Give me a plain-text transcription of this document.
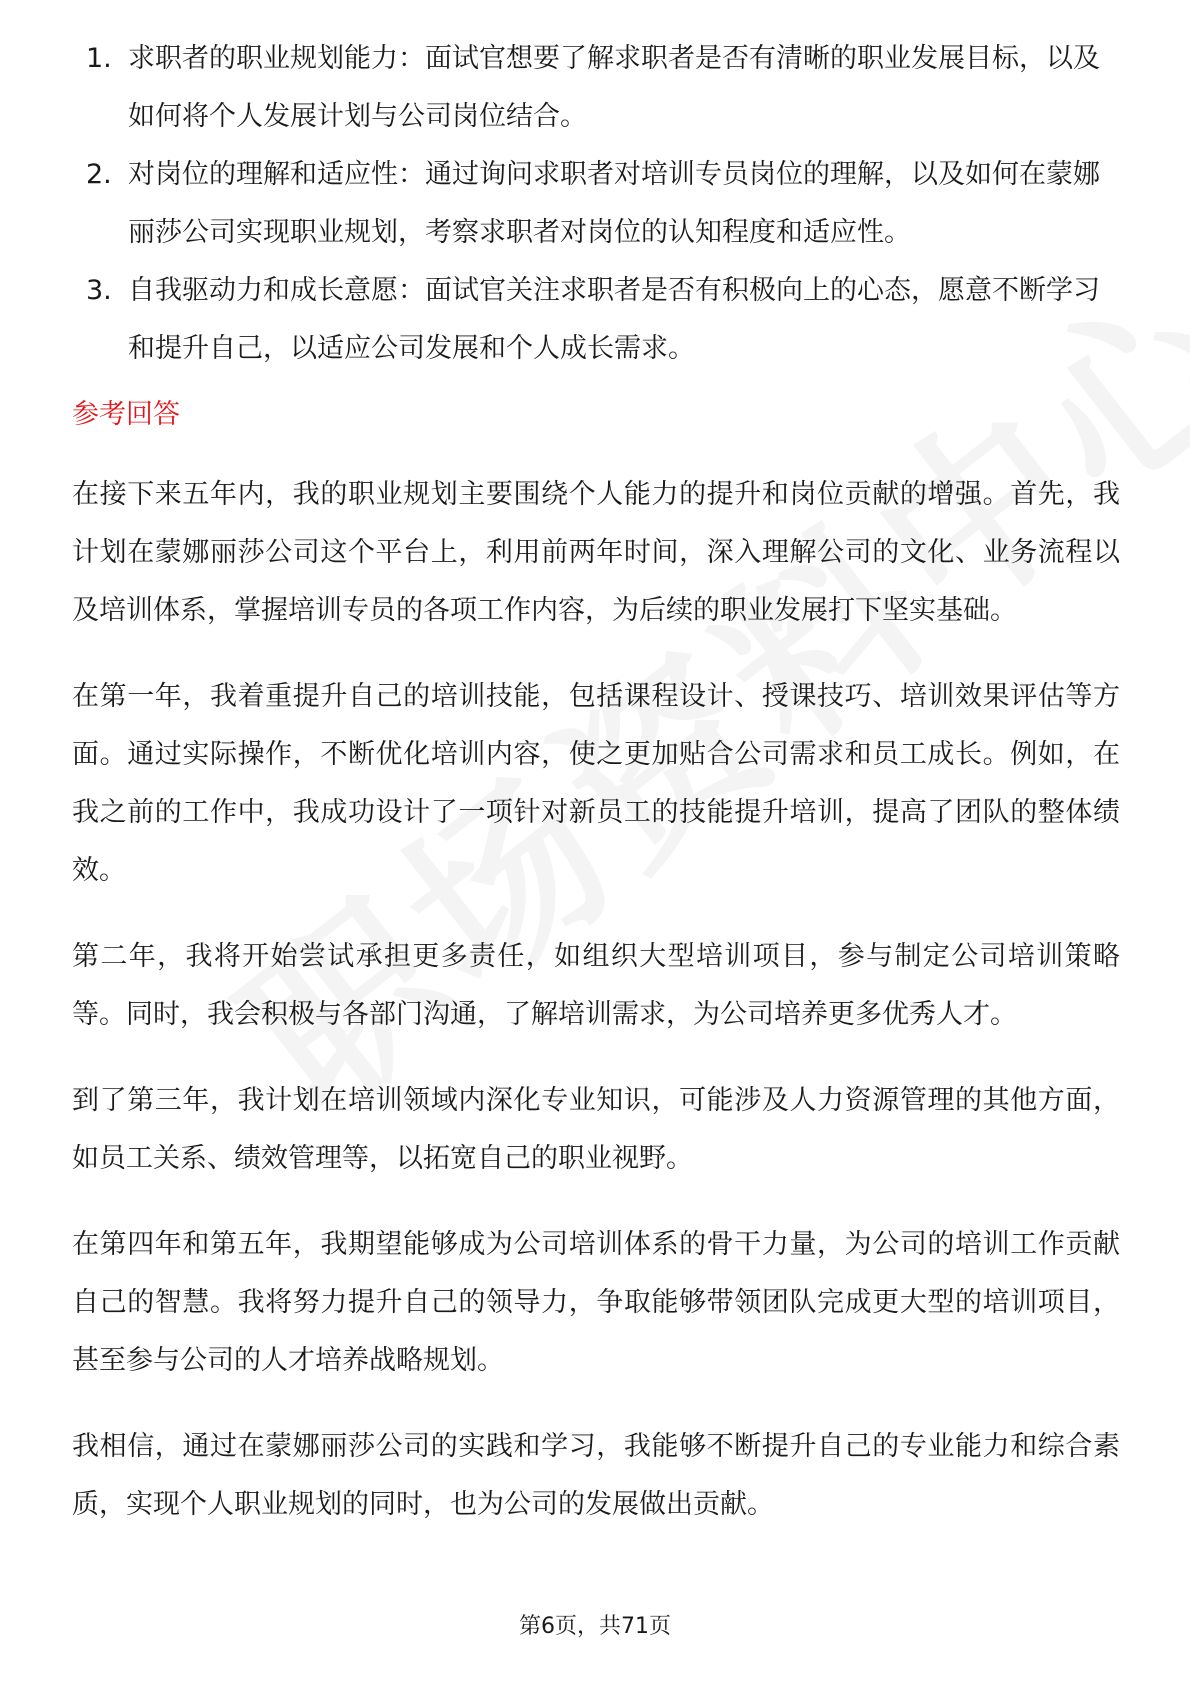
1. 求职者的职业规划能力：面试官想要了解求职者是否有清晰的职业发展目标，以及如何将个人发展计划与公司岗位结合。
2. 对岗位的理解和适应性：通过询问求职者对培训专员岗位的理解，以及如何在蒙娜丽莎公司实现职业规划，考察求职者对岗位的认知程度和适应性。
3. 自我驱动力和成长意愿：面试官关注求职者是否有积极向上的心态，愿意不断学习和提升自己，以适应公司发展和个人成长需求。
参考回答

在接下来五年内，我的职业规划主要围绕个人能力的提升和岗位贡献的增强。首先，我计划在蒙娜丽莎公司这个平台上，利用前两年时间，深入理解公司的文化、业务流程以及培训体系，掌握培训专员的各项工作内容，为后续的职业发展打下坚实基础。

在第一年，我着重提升自己的培训技能，包括课程设计、授课技巧、培训效果评估等方面。通过实际操作，不断优化培训内容，使之更加贴合公司需求和员工成长。例如，在我之前的工作中，我成功设计了一项针对新员工的技能提升培训，提高了团队的整体绩效。

第二年，我将开始尝试承担更多责任，如组织大型培训项目，参与制定公司培训策略等。同时，我会积极与各部门沟通，了解培训需求，为公司培养更多优秀人才。

到了第三年，我计划在培训领域内深化专业知识，可能涉及人力资源管理的其他方面，如员工关系、绩效管理等，以拓宽自己的职业视野。

在第四年和第五年，我期望能够成为公司培训体系的骨干力量，为公司的培训工作贡献自己的智慧。我将努力提升自己的领导力，争取能够带领团队完成更大型的培训项目，甚至参与公司的人才培养战略规划。

我相信，通过在蒙娜丽莎公司的实践和学习，我能够不断提升自己的专业能力和综合素质，实现个人职业规划的同时，也为公司的发展做出贡献。

第6页，共71页
